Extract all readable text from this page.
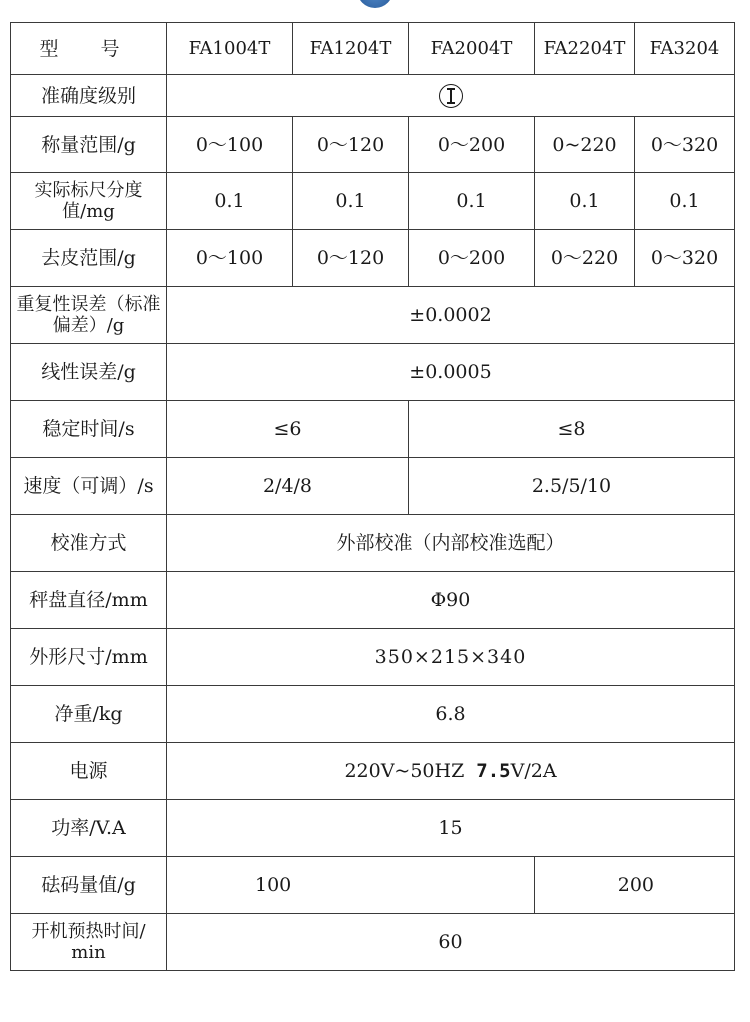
型 号	FA1004T	FA1204T	FA2004T	FA2204T	FA3204
准确度级别	
称量范围/g	0～100	0～120	0～200	0~220	0～320
实际标尺分度值/mg	0.1	0.1	0.1	0.1	0.1
去皮范围/g	0～100	0～120	0～200	0～220	0～320
重复性误差（标准偏差）/g	±0.0002				
线性误差/g	±0.0005				
稳定时间/s	≤6		≤8		
速度（可调）/s	2/4/8		2.5/5/10		
校准方式	外部校准（内部校准选配）				
秤盘直径/mm	Φ90				
外形尺寸/mm	350×215×340				
净重/kg	6.8				
电源	220V~50HZ 7.5V/2A				
功率/V.A	15				
砝码量值/g	100			200	
开机预热时间/ min	60				
